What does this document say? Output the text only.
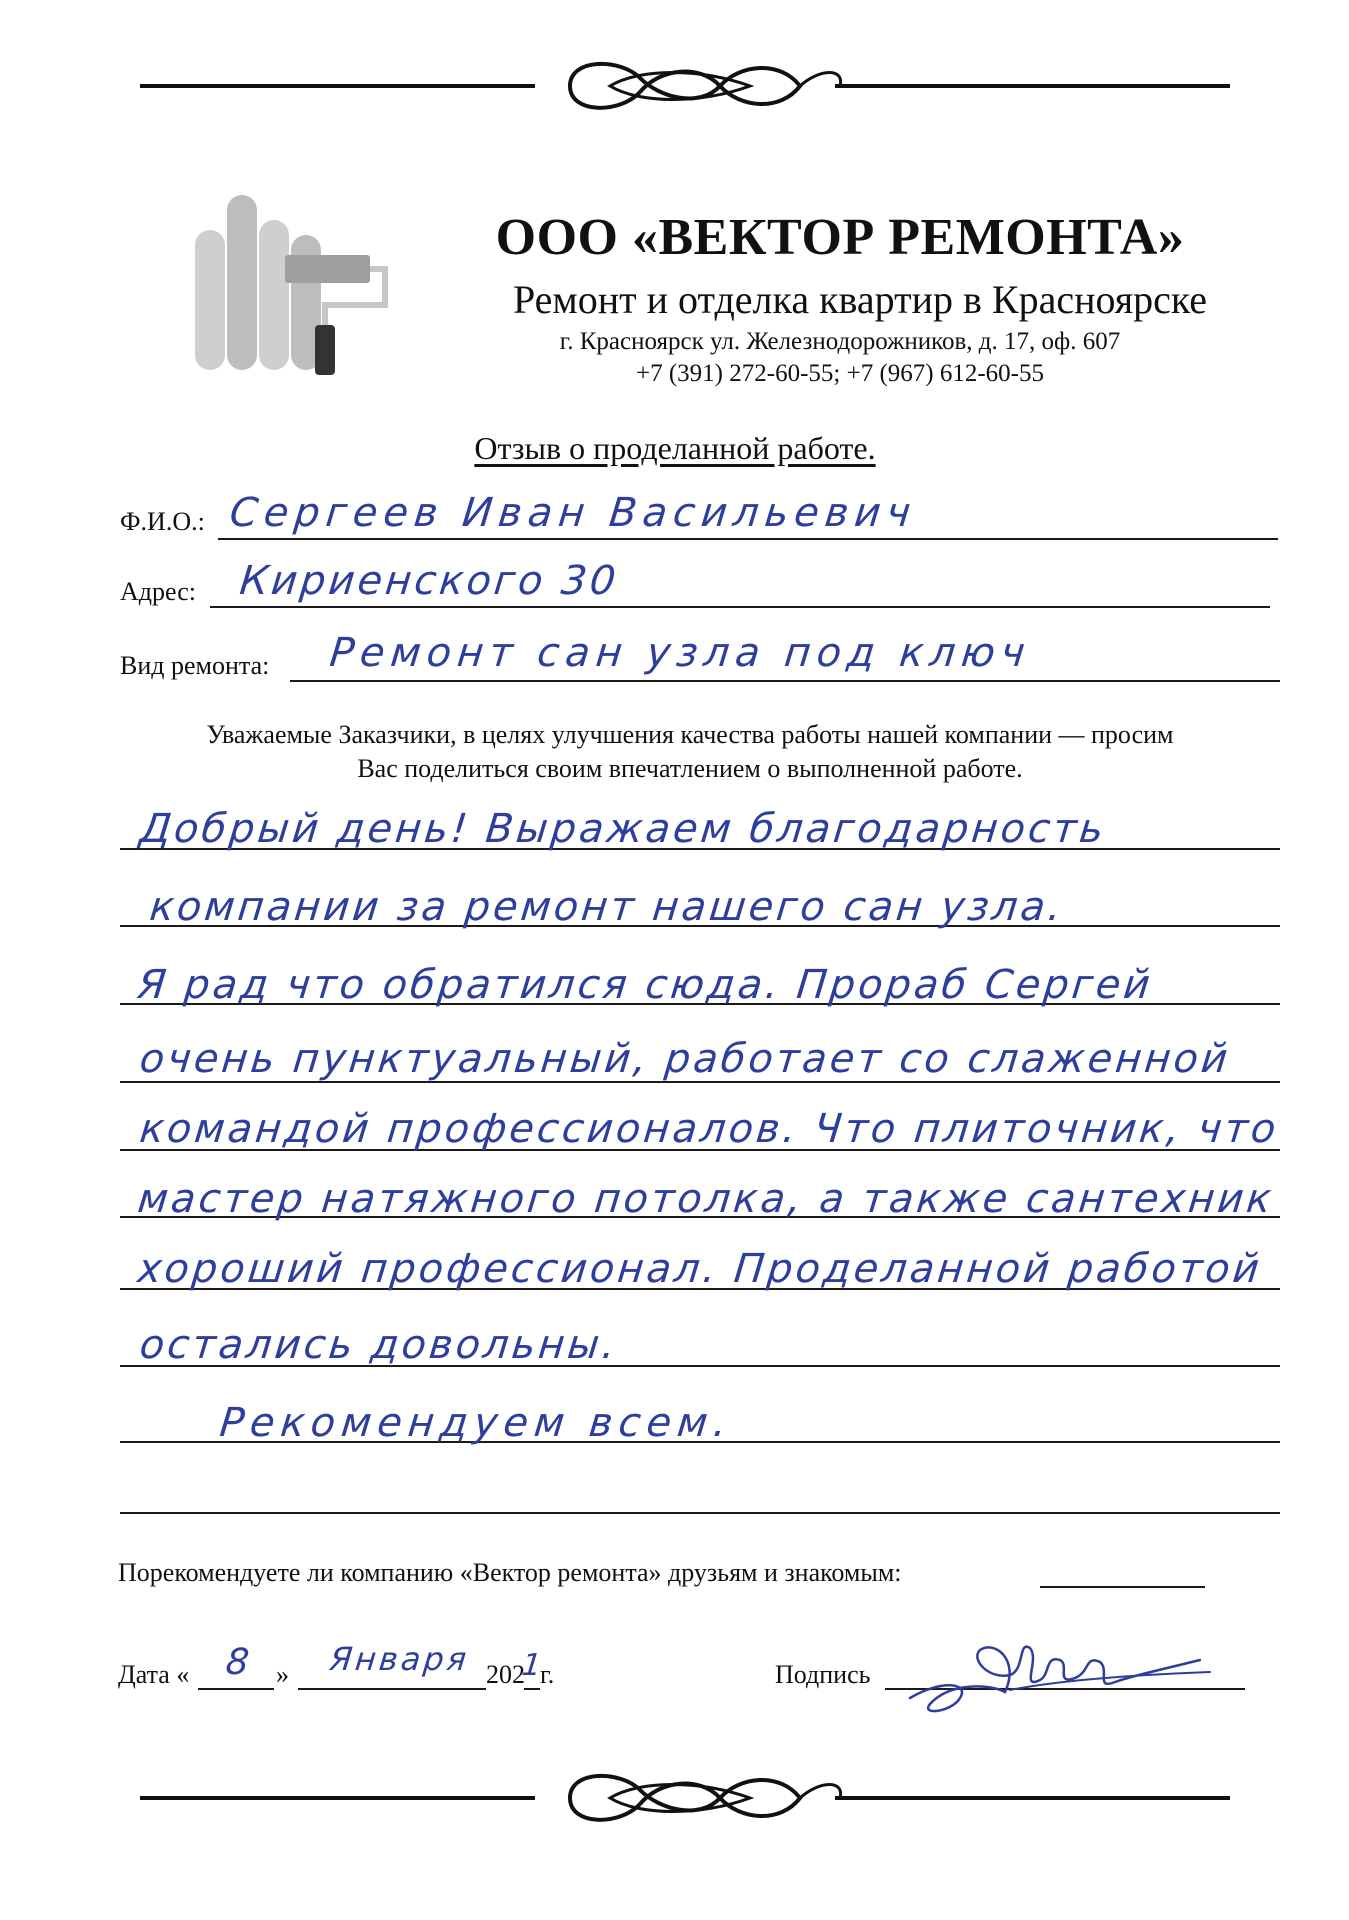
ООО «ВЕКТОР РЕМОНТА»
Ремонт и отделка квартир в Красноярске
г. Красноярск ул. Железнодорожников, д. 17, оф. 607
+7 (391) 272-60-55; +7 (967) 612-60-55
Отзыв о проделанной работе.
Ф.И.О.: Сергеев Иван Васильевич
Адрес: Кириенского 30
Вид ремонта: Ремонт сан узла под ключ
Уважаемые Заказчики, в целях улучшения качества работы нашей компании — просим
Вас поделиться своим впечатлением о выполненной работе.
Добрый день! Выражаем благодарность
компании за ремонт нашего сан узла.
Я рад что обратился сюда. Прораб Сергей
очень пунктуальный, работает со слаженной
командой профессионалов. Что плиточник, что
мастер натяжного потолка, а также сантехник
хороший профессионал. Проделанной работой
остались довольны.
Рекомендуем всем.
Порекомендуете ли компанию «Вектор ремонта» друзьям и знакомым:
Дата « 8 » Января 202
1
г.	Подпись
